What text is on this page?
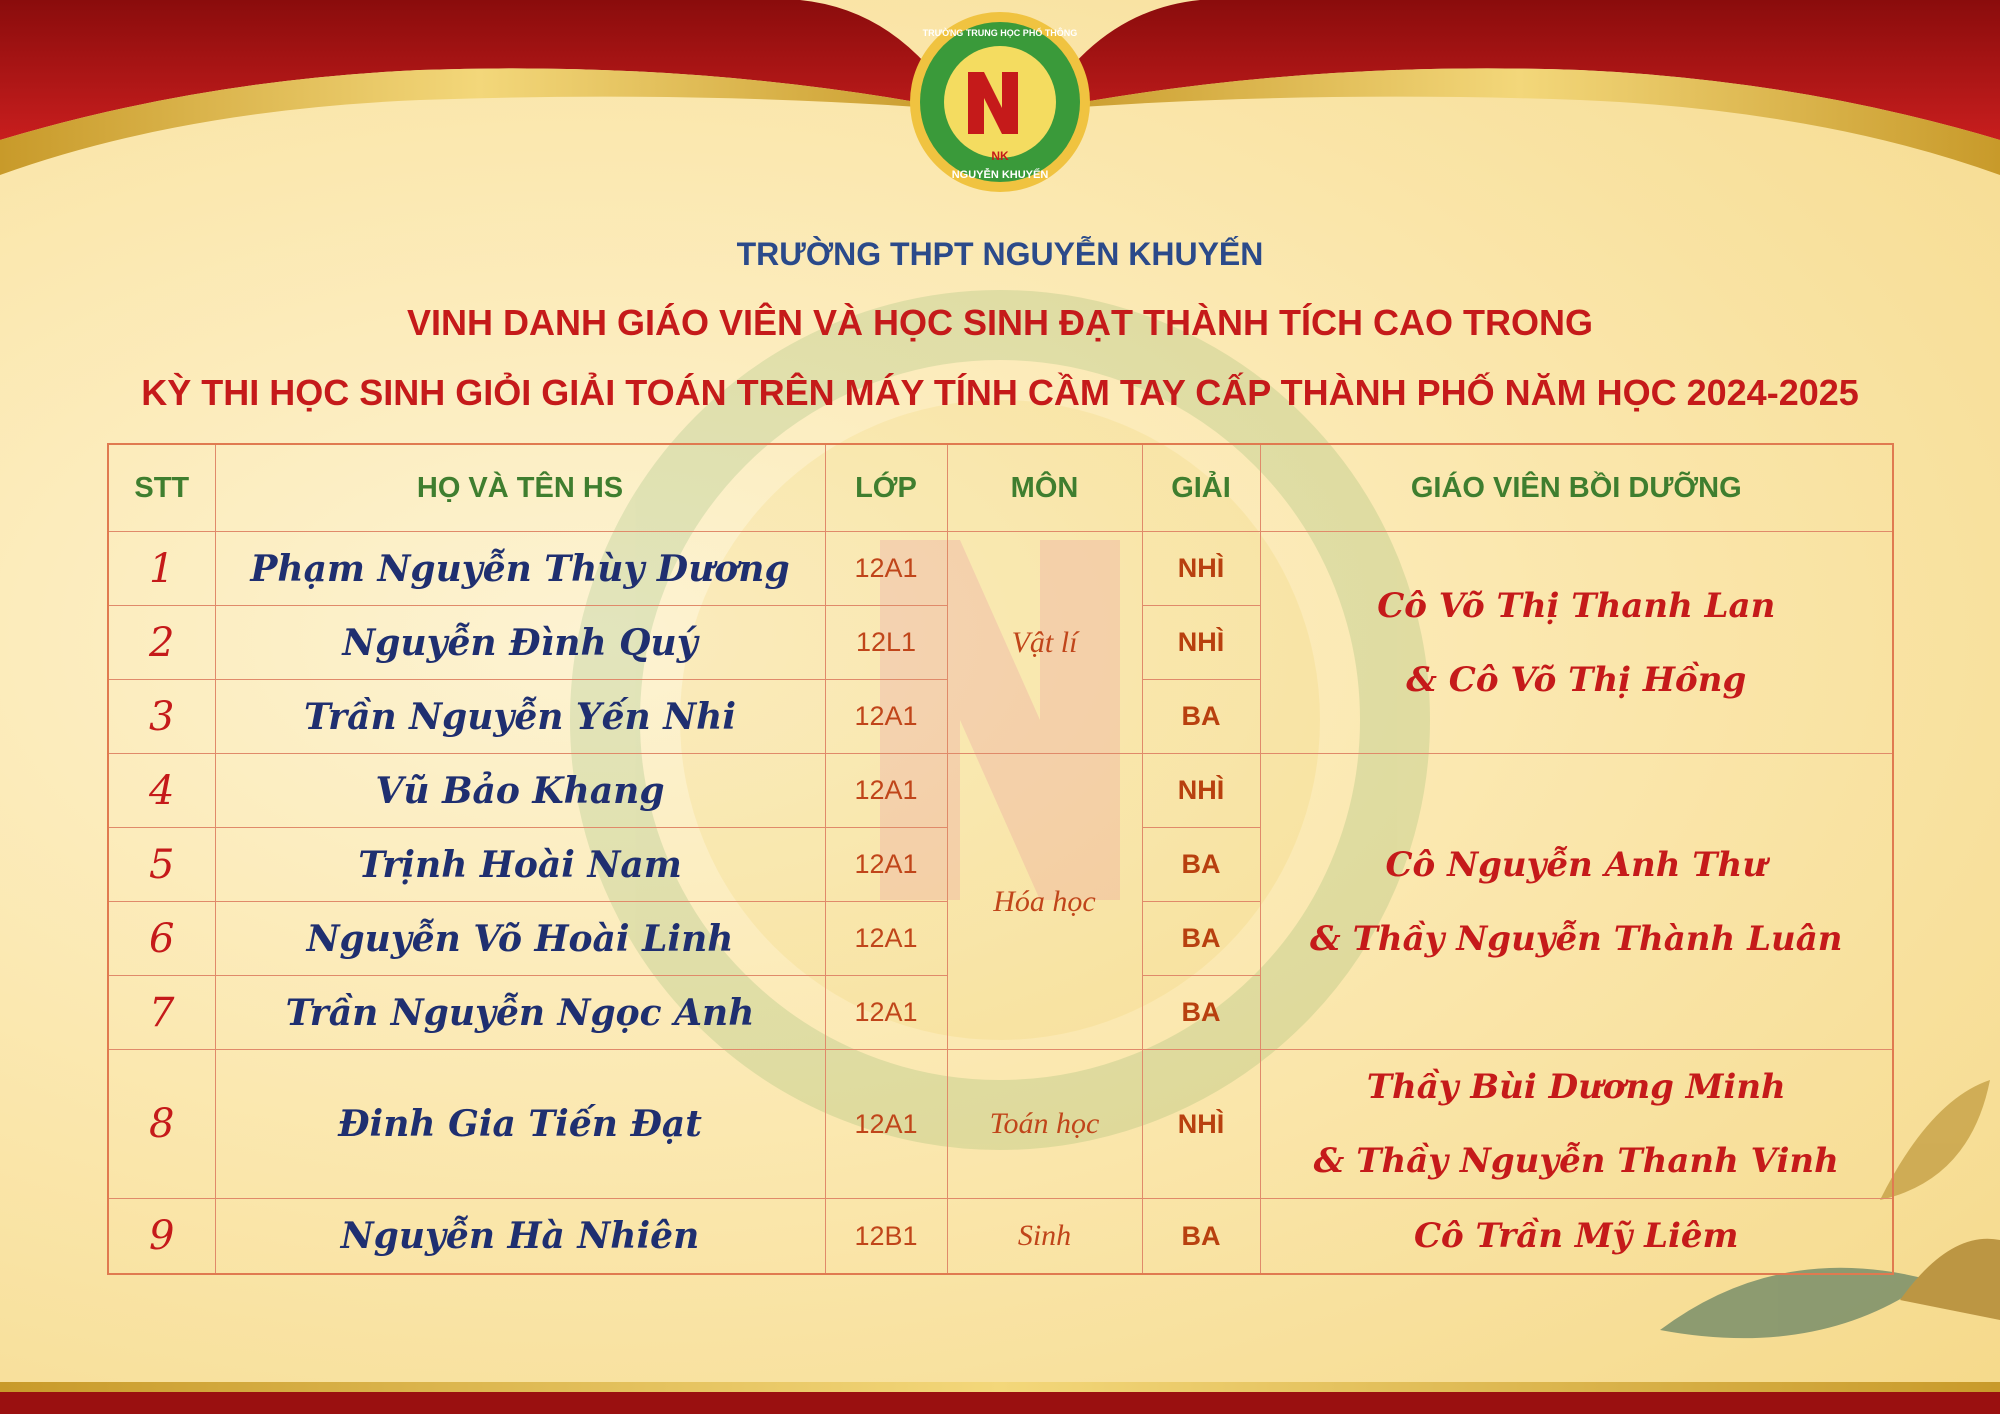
NK
NGUYỄN KHUYẾN
TRƯỜNG TRUNG HỌC PHỔ THÔNG
TRƯỜNG THPT NGUYỄN KHUYẾN
VINH DANH GIÁO VIÊN VÀ HỌC SINH ĐẠT THÀNH TÍCH CAO TRONG
KỲ THI HỌC SINH GIỎI GIẢI TOÁN TRÊN MÁY TÍNH CẦM TAY CẤP THÀNH PHỐ NĂM HỌC 2024-2025
STT	HỌ VÀ TÊN HS	LỚP	MÔN	GIẢI	GIÁO VIÊN BỒI DƯỠNG
1	Phạm Nguyễn Thùy Dương	12A1	Vật lí	NHÌ	Cô Võ Thị Thanh Lan
& Cô Võ Thị Hồng

2	Nguyễn Đình Quý	12L1		NHÌ	
3	Trần Nguyễn Yến Nhi	12A1		BA	
4	Vũ Bảo Khang	12A1	Hóa học	NHÌ	Cô Nguyễn Anh Thư
& Thầy Nguyễn Thành Luân

5	Trịnh Hoài Nam	12A1		BA	
6	Nguyễn Võ Hoài Linh	12A1		BA	
7	Trần Nguyễn Ngọc Anh	12A1		BA	
8	Đinh Gia Tiến Đạt	12A1	Toán học	NHÌ	Thầy Bùi Dương Minh
& Thầy Nguyễn Thanh Vinh

9	Nguyễn Hà Nhiên	12B1	Sinh	BA	Cô Trần Mỹ Liêm
